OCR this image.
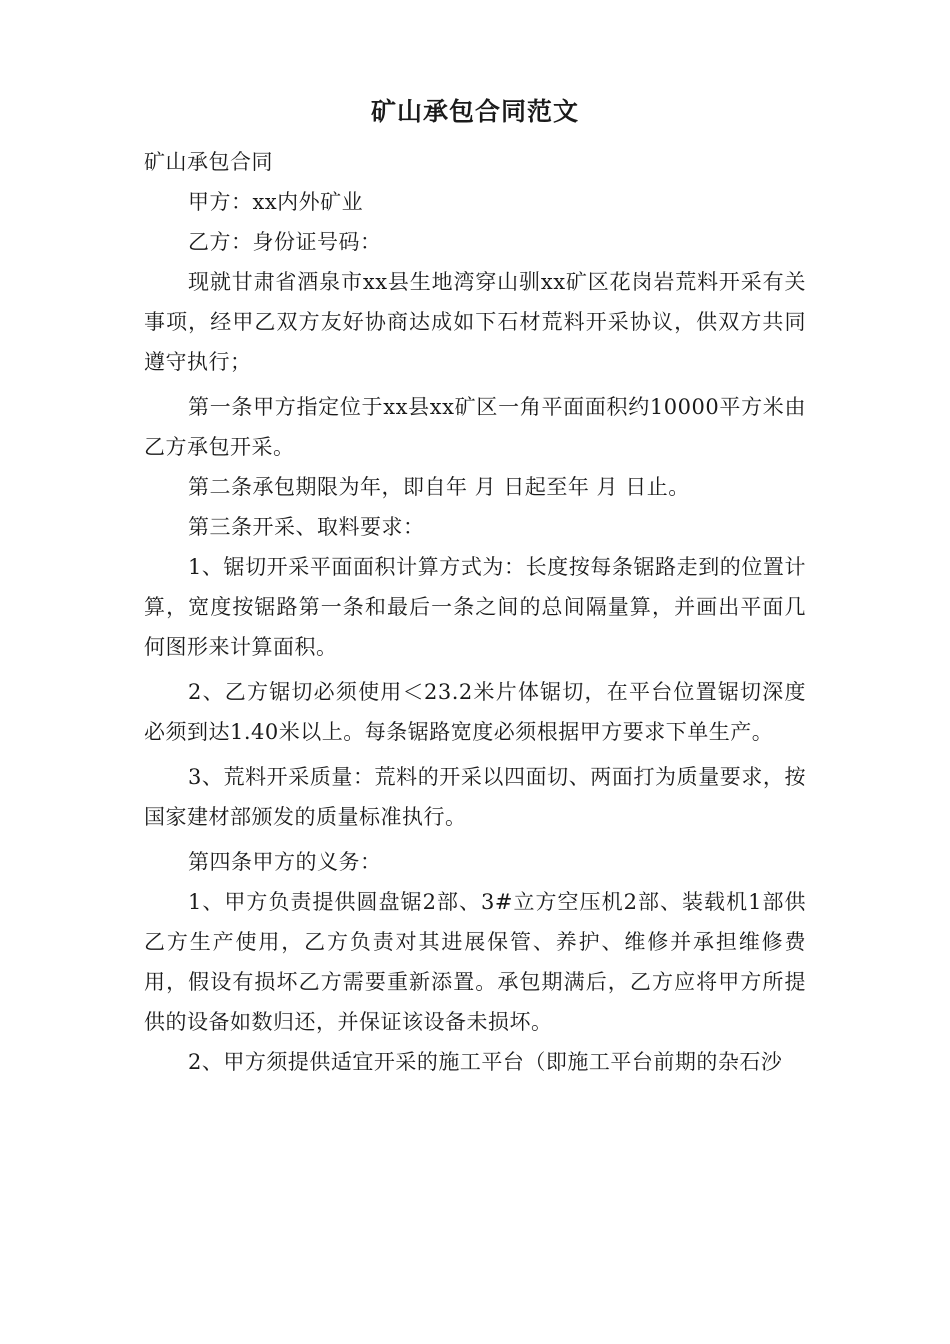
矿山承包合同范文

矿山承包合同

甲方：xx内外矿业

乙方：身份证号码：

现就甘肃省酒泉市xx县生地湾穿山驯xx矿区花岗岩荒料开采有关事项，经甲乙双方友好协商达成如下石材荒料开采协议，供双方共同遵守执行；

第一条甲方指定位于xx县xx矿区一角平面面积约10000平方米由乙方承包开采。

第二条承包期限为年，即自年 月 日起至年 月 日止。

第三条开采、取料要求：

1、锯切开采平面面积计算方式为：长度按每条锯路走到的位置计算，宽度按锯路第一条和最后一条之间的总间隔量算，并画出平面几何图形来计算面积。

2、乙方锯切必须使用＜23.2米片体锯切，在平台位置锯切深度 必须到达1.40米以上。每条锯路宽度必须根据甲方要求下单生产。

3、荒料开采质量：荒料的开采以四面切、两面打为质量要求，按国家建材部颁发的质量标准执行。

第四条甲方的义务：

1、甲方负责提供圆盘锯2部、3#立方空压机2部、装载机1部供乙方生产使用，乙方负责对其进展保管、养护、维修并承担维修费用，假设有损坏乙方需要重新添置。承包期满后，乙方应将甲方所提供的设备如数归还，并保证该设备未损坏。

2、甲方须提供适宜开采的施工平台（即施工平台前期的杂石沙
